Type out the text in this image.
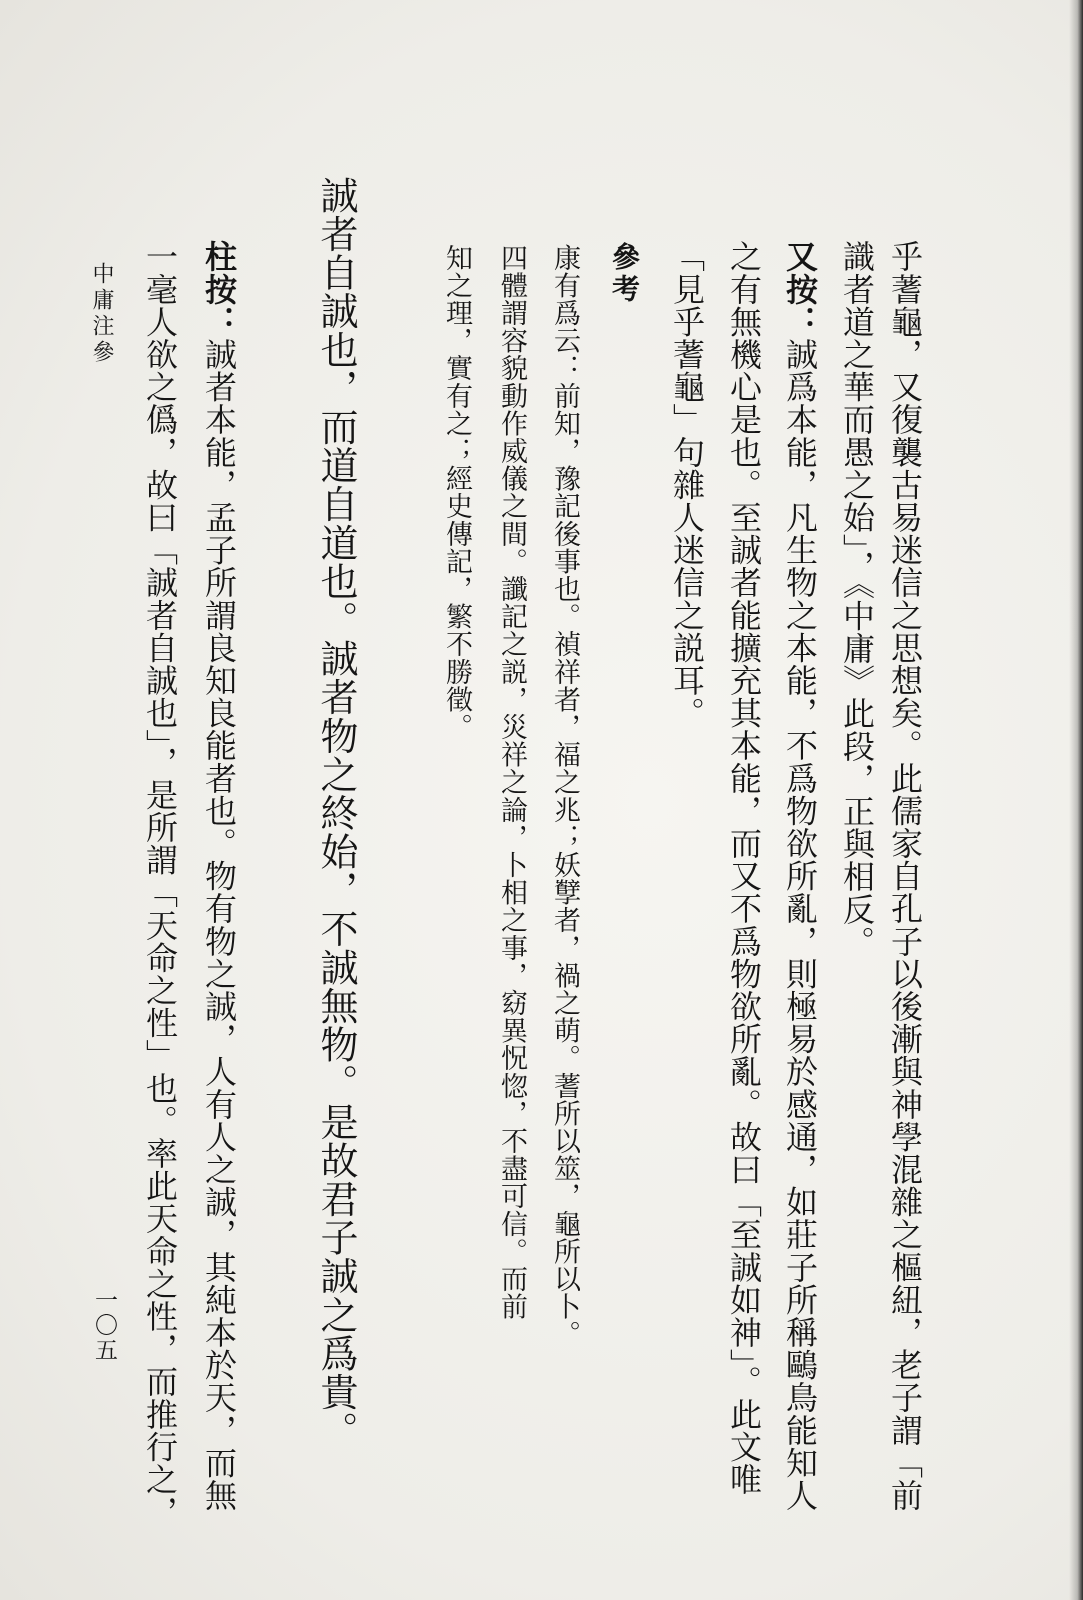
乎蓍龜，又復襲古易迷信之思想矣。此儒家自孔子以後漸與神學混雜之樞紐，老子謂「前
識者道之華而愚之始」，《中庸》此段，正與相反。
又按：誠爲本能，凡生物之本能，不爲物欲所亂，則極易於感通，如莊子所稱鷗鳥能知人
之有無機心是也。至誠者能擴充其本能，而又不爲物欲所亂。故曰「至誠如神」。此文唯
「見乎蓍龜」句雜人迷信之説耳。
參考
康有爲云：前知，豫記後事也。禎祥者，福之兆；妖孼者，禍之萌。蓍所以筮，龜所以卜。
四體謂容貌動作威儀之間。讖記之説，災祥之論，卜相之事，窈異怳惚，不盡可信。而前
知之理，實有之；經史傳記，繁不勝徵。
誠者自誠也，而道自道也。誠者物之終始，不誠無物。是故君子誠之爲貴。
柱按：誠者本能，孟子所謂良知良能者也。物有物之誠，人有人之誠，其純本於天，而無
一毫人欲之僞，故曰「誠者自誠也」，是所謂「天命之性」也。率此天命之性，而推行之，
中庸注參
一〇五
